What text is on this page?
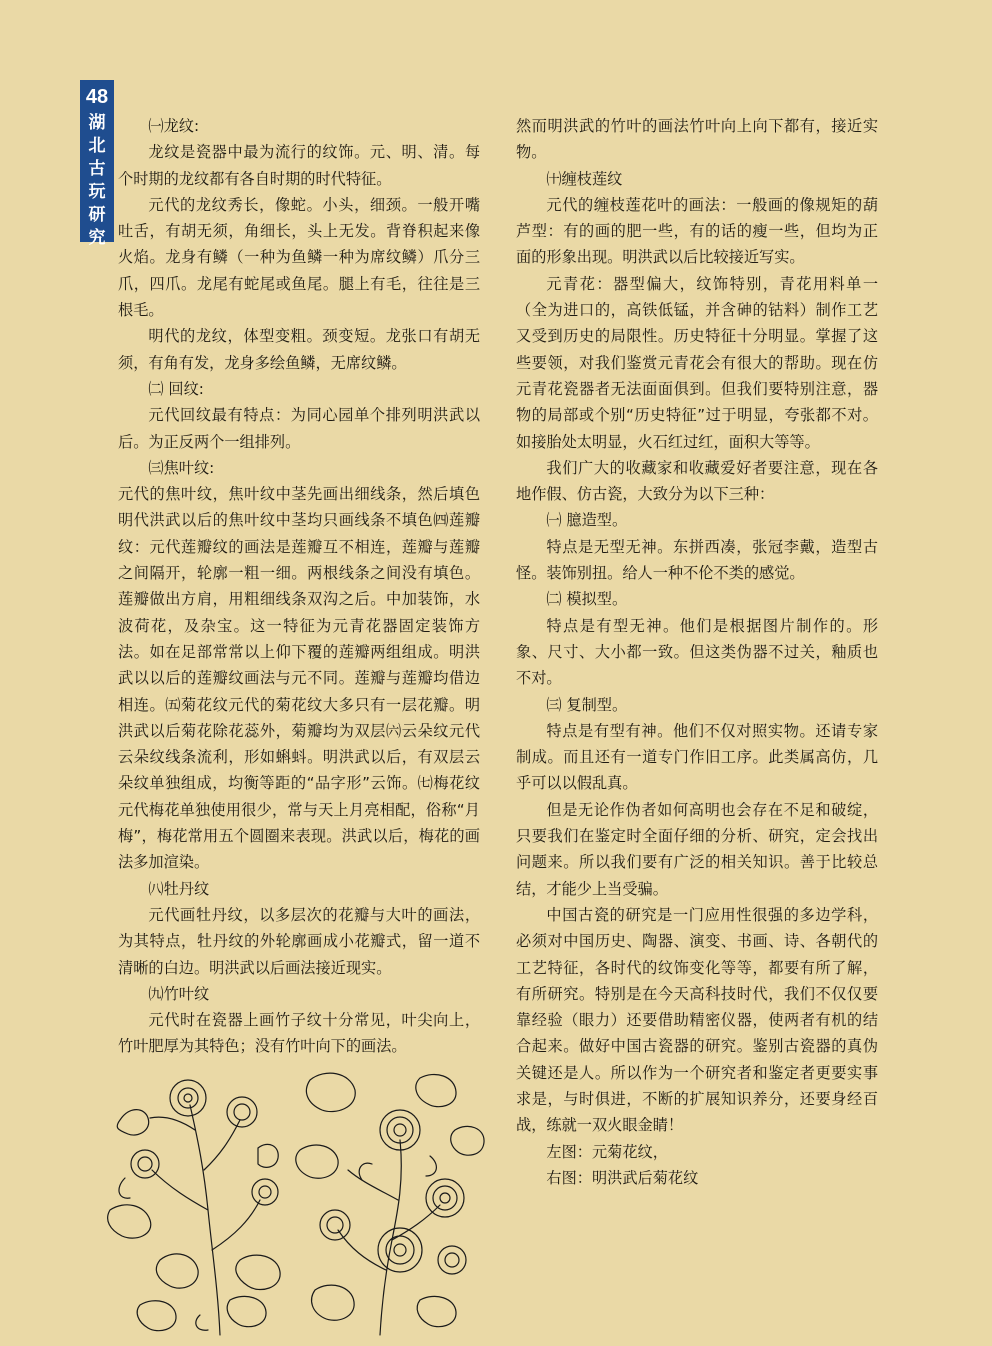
48
湖北古玩研究

㈠龙纹:

龙纹是瓷器中最为流行的纹饰。元、明、清。每个时期的龙纹都有各自时期的时代特征。

元代的龙纹秀长，像蛇。小头，细颈。一般开嘴吐舌，有胡无须，角细长，头上无发。背脊积起来像火焰。龙身有鳞（一种为鱼鳞一种为席纹鳞）爪分三爪，四爪。龙尾有蛇尾或鱼尾。腿上有毛，往往是三根毛。

明代的龙纹，体型变粗。颈变短。龙张口有胡无须，有角有发，龙身多绘鱼鳞，无席纹鳞。

㈡ 回纹:

元代回纹最有特点：为同心园单个排列明洪武以后。为正反两个一组排列。

㈢焦叶纹:

元代的焦叶纹，焦叶纹中茎先画出细线条，然后填色明代洪武以后的焦叶纹中茎均只画线条不填色㈣莲瓣纹：元代莲瓣纹的画法是莲瓣互不相连，莲瓣与莲瓣之间隔开，轮廓一粗一细。两根线条之间没有填色。莲瓣做出方肩，用粗细线条双沟之后。中加装饰，水波荷花，及杂宝。这一特征为元青花器固定装饰方法。如在足部常常以上仰下覆的莲瓣两组组成。明洪武以以后的莲瓣纹画法与元不同。莲瓣与莲瓣均借边相连。㈤菊花纹元代的菊花纹大多只有一层花瓣。明洪武以后菊花除花蕊外，菊瓣均为双层㈥云朵纹元代云朵纹线条流利，形如蝌蚪。明洪武以后，有双层云朵纹单独组成，均衡等距的“品字形”云饰。㈦梅花纹元代梅花单独使用很少，常与天上月亮相配，俗称“月梅”，梅花常用五个圆圈来表现。洪武以后，梅花的画法多加渲染。

㈧牡丹纹

元代画牡丹纹，以多层次的花瓣与大叶的画法，为其特点，牡丹纹的外轮廓画成小花瓣式，留一道不清晰的白边。明洪武以后画法接近现实。

㈨竹叶纹

元代时在瓷器上画竹子纹十分常见，叶尖向上，竹叶肥厚为其特色；没有竹叶向下的画法。

然而明洪武的竹叶的画法竹叶向上向下都有，接近实物。

㈩缠枝莲纹

元代的缠枝莲花叶的画法：一般画的像规矩的葫芦型：有的画的肥一些，有的话的瘦一些，但均为正面的形象出现。明洪武以后比较接近写实。

元青花：器型偏大，纹饰特别，青花用料单一（全为进口的，高铁低锰，并含砷的钴料）制作工艺又受到历史的局限性。历史特征十分明显。掌握了这些要领，对我们鉴赏元青花会有很大的帮助。现在仿元青花瓷器者无法面面俱到。但我们要特别注意，器物的局部或个别“历史特征”过于明显，夸张都不对。如接胎处太明显，火石红过红，面积大等等。

我们广大的收藏家和收藏爱好者要注意，现在各地作假、仿古瓷，大致分为以下三种：

㈠ 臆造型。

特点是无型无神。东拼西凑，张冠李戴，造型古怪。装饰别扭。给人一种不伦不类的感觉。

㈡ 模拟型。

特点是有型无神。他们是根据图片制作的。形象、尺寸、大小都一致。但这类伪器不过关，釉质也不对。

㈢ 复制型。

特点是有型有神。他们不仅对照实物。还请专家制成。而且还有一道专门作旧工序。此类属高仿，几乎可以以假乱真。

但是无论作伪者如何高明也会存在不足和破绽，只要我们在鉴定时全面仔细的分析、研究，定会找出问题来。所以我们要有广泛的相关知识。善于比较总结，才能少上当受骗。

中国古瓷的研究是一门应用性很强的多边学科，必须对中国历史、陶器、演变、书画、诗、各朝代的工艺特征，各时代的纹饰变化等等，都要有所了解，有所研究。特别是在今天高科技时代，我们不仅仅要靠经验（眼力）还要借助精密仪器，使两者有机的结合起来。做好中国古瓷器的研究。鉴别古瓷器的真伪关键还是人。所以作为一个研究者和鉴定者更要实事求是，与时俱进，不断的扩展知识养分，还要身经百战，练就一双火眼金睛！

左图：元菊花纹，

右图：明洪武后菊花纹
